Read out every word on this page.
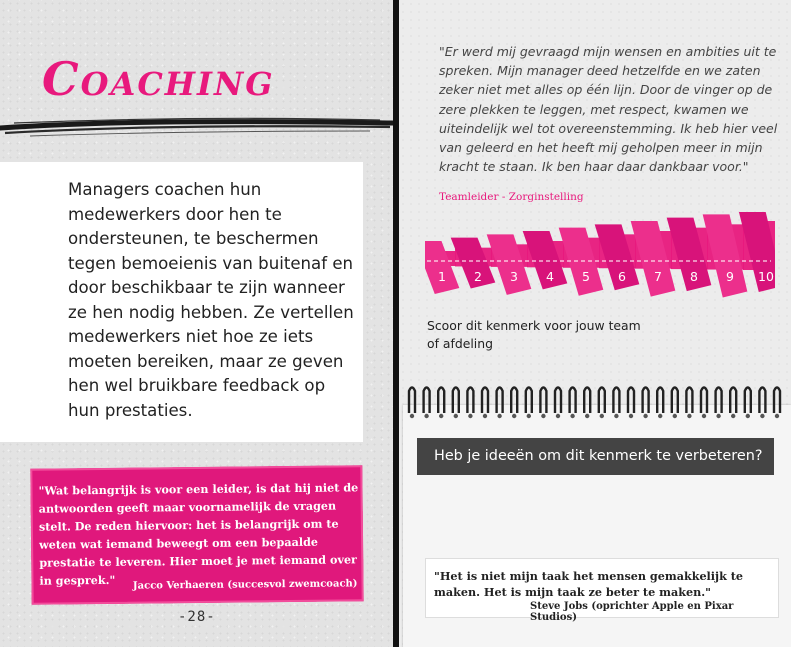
Coaching

Managers coachen hun medewerkers door hen te ondersteunen, te beschermen tegen bemoeienis van buitenaf en door beschikbaar te zijn wanneer ze hen nodig hebben. Ze vertellen medewerkers niet hoe ze iets moeten bereiken, maar ze geven hen wel bruikbare feedback op hun prestaties.

"Wat belangrijk is voor een leider, is dat hij niet de antwoorden geeft maar voornamelijk de vragen stelt. De reden hiervoor: het is belangrijk om te weten wat iemand beweegt om een bepaalde prestatie te leveren. Hier moet je met iemand over in gesprek."	Jacco Verhaeren (succesvol zwemcoach)

-28-

"Er werd mij gevraagd mijn wensen en ambities uit te spreken. Mijn manager deed hetzelfde en we zaten zeker niet met alles op één lijn. Door de vinger op de zere plekken te leggen, met respect, kwamen we uiteindelijk wel tot overeenstemming. Ik heb hier veel van geleerd en het heeft mij geholpen meer in mijn kracht te staan. Ik ben haar daar dankbaar voor."

Teamleider - Zorginstelling

1 2 3 4 5 6 7 8 9 10

Scoor dit kenmerk voor jouw team of afdeling

Heb je ideeën om dit kenmerk te verbeteren?

"Het is niet mijn taak het mensen gemakkelijk te maken. Het is mijn taak ze beter te maken."

Steve Jobs (oprichter Apple en Pixar Studios)
